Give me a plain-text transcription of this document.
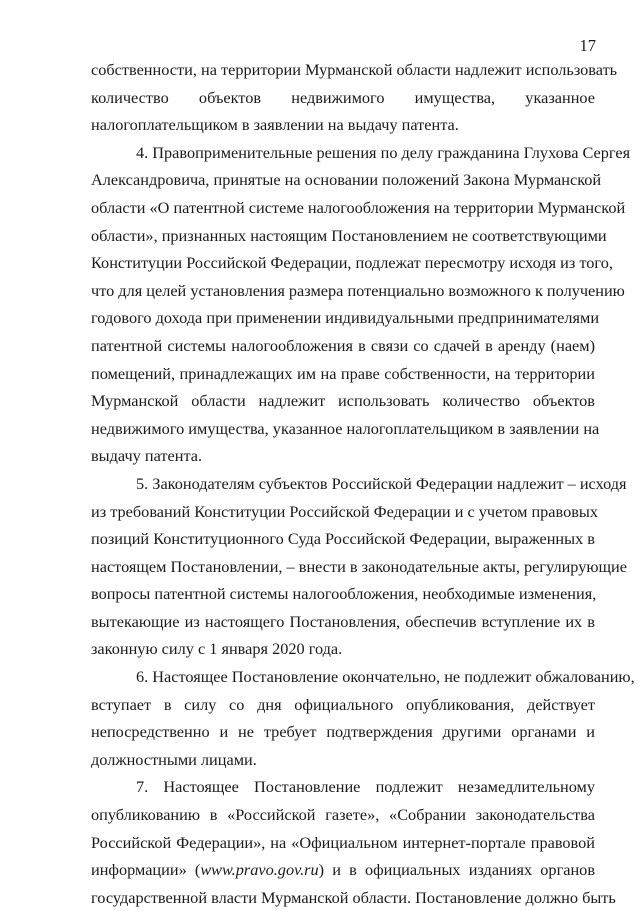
17
собственности, на территории Мурманской области надлежит использовать
количество объектов недвижимого имущества, указанное
налогоплательщиком в заявлении на выдачу патента.
4. Правоприменительные решения по делу гражданина Глухова Сергея
Александровича, принятые на основании положений Закона Мурманской
области «О патентной системе налогообложения на территории Мурманской
области», признанных настоящим Постановлением не соответствующими
Конституции Российской Федерации, подлежат пересмотру исходя из того,
что для целей установления размера потенциально возможного к получению
годового дохода при применении индивидуальными предпринимателями
патентной системы налогообложения в связи со сдачей в аренду (наем)
помещений, принадлежащих им на праве собственности, на территории
Мурманской области надлежит использовать количество объектов
недвижимого имущества, указанное налогоплательщиком в заявлении на
выдачу патента.
5. Законодателям субъектов Российской Федерации надлежит – исходя
из требований Конституции Российской Федерации и с учетом правовых
позиций Конституционного Суда Российской Федерации, выраженных в
настоящем Постановлении, – внести в законодательные акты, регулирующие
вопросы патентной системы налогообложения, необходимые изменения,
вытекающие из настоящего Постановления, обеспечив вступление их в
законную силу с 1 января 2020 года.
6. Настоящее Постановление окончательно, не подлежит обжалованию,
вступает в силу со дня официального опубликования, действует
непосредственно и не требует подтверждения другими органами и
должностными лицами.
7. Настоящее Постановление подлежит незамедлительному
опубликованию в «Российской газете», «Собрании законодательства
Российской Федерации», на «Официальном интернет-портале правовой
информации» (www.pravo.gov.ru) и в официальных изданиях органов
государственной власти Мурманской области. Постановление должно быть
